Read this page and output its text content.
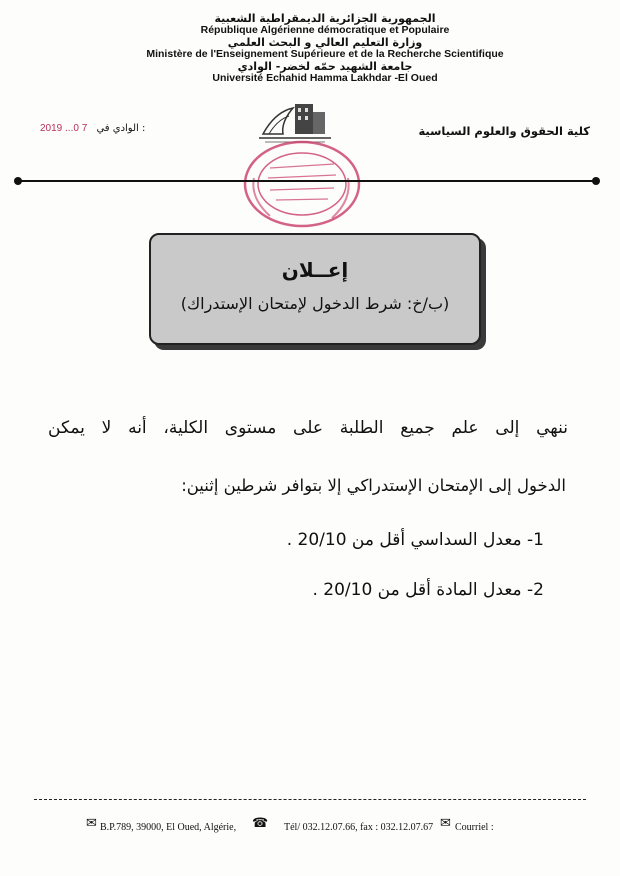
الجمهورية الجزائرية الديمقراطية الشعبية
République Algérienne démocratique et Populaire
وزارة التعليم العالي و البحث العلمي
Ministère de l'Enseignement Supérieure et de la Recherche Scientifique
جامعة الشهيد حمّه لخضر- الوادي
Université Echahid Hamma Lakhdar -El Oued
2019 ...0 7 الوادي في :	كلية الحقوق والعلوم السياسية
إعــلان
(ب/خ: شرط الدخول لإمتحان الإستدراك)
ننهي إلى علم جميع الطلبة على مستوى الكلية، أنه لا يمكن
الدخول إلى الإمتحان الإستدراكي إلا بتوافر شرطين إثنين:
1- معدل السداسي أقل من 20/10 .
2- معدل المادة أقل من 20/10 .
✉ B.P.789, 39000, El Oued, Algérie, ☎ Tél/ 032.12.07.66, fax : 032.12.07.67 ✉ Courriel :
